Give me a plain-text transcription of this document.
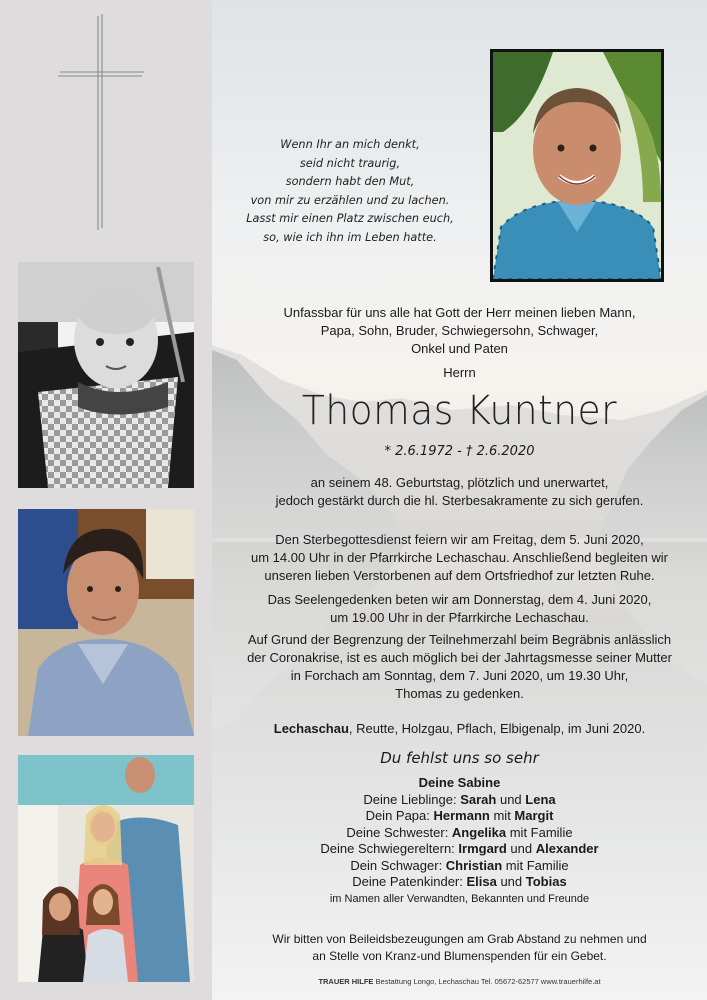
Wenn Ihr an mich denkt,
seid nicht traurig,
sondern habt den Mut,
von mir zu erzählen und zu lachen.
Lasst mir einen Platz zwischen euch,
so, wie ich ihn im Leben hatte.
Unfassbar für uns alle hat Gott der Herr meinen lieben Mann,
Papa, Sohn, Bruder, Schwiegersohn, Schwager,
Onkel und Paten
Herrn
Thomas Kuntner
* 2.6.1972 - † 2.6.2020
an seinem 48. Geburtstag, plötzlich und unerwartet,
jedoch gestärkt durch die hl. Sterbesakramente zu sich gerufen.
Den Sterbegottesdienst feiern wir am Freitag, dem 5. Juni 2020,
um 14.00 Uhr in der Pfarrkirche Lechaschau. Anschließend begleiten wir
unseren lieben Verstorbenen auf dem Ortsfriedhof zur letzten Ruhe.
Das Seelengedenken beten wir am Donnerstag, dem 4. Juni 2020,
um 19.00 Uhr in der Pfarrkirche Lechaschau.
Auf Grund der Begrenzung der Teilnehmerzahl beim Begräbnis anlässlich
der Coronakrise, ist es auch möglich bei der Jahrtagsmesse seiner Mutter
in Forchach am Sonntag, dem 7. Juni 2020, um 19.30 Uhr,
Thomas zu gedenken.
Lechaschau, Reutte, Holzgau, Pflach, Elbigenalp, im Juni 2020.
Du fehlst uns so sehr
Deine Sabine
Deine Lieblinge: Sarah und Lena
Dein Papa: Hermann mit Margit
Deine Schwester: Angelika mit Familie
Deine Schwiegereltern: Irmgard und Alexander
Dein Schwager: Christian mit Familie
Deine Patenkinder: Elisa und Tobias
im Namen aller Verwandten, Bekannten und Freunde
Wir bitten von Beileidsbezeugungen am Grab Abstand zu nehmen und
an Stelle von Kranz-und Blumenspenden für ein Gebet.
TRAUER HILFE Bestattung Longo, Lechaschau Tel. 05672-62577 www.trauerhilfe.at
